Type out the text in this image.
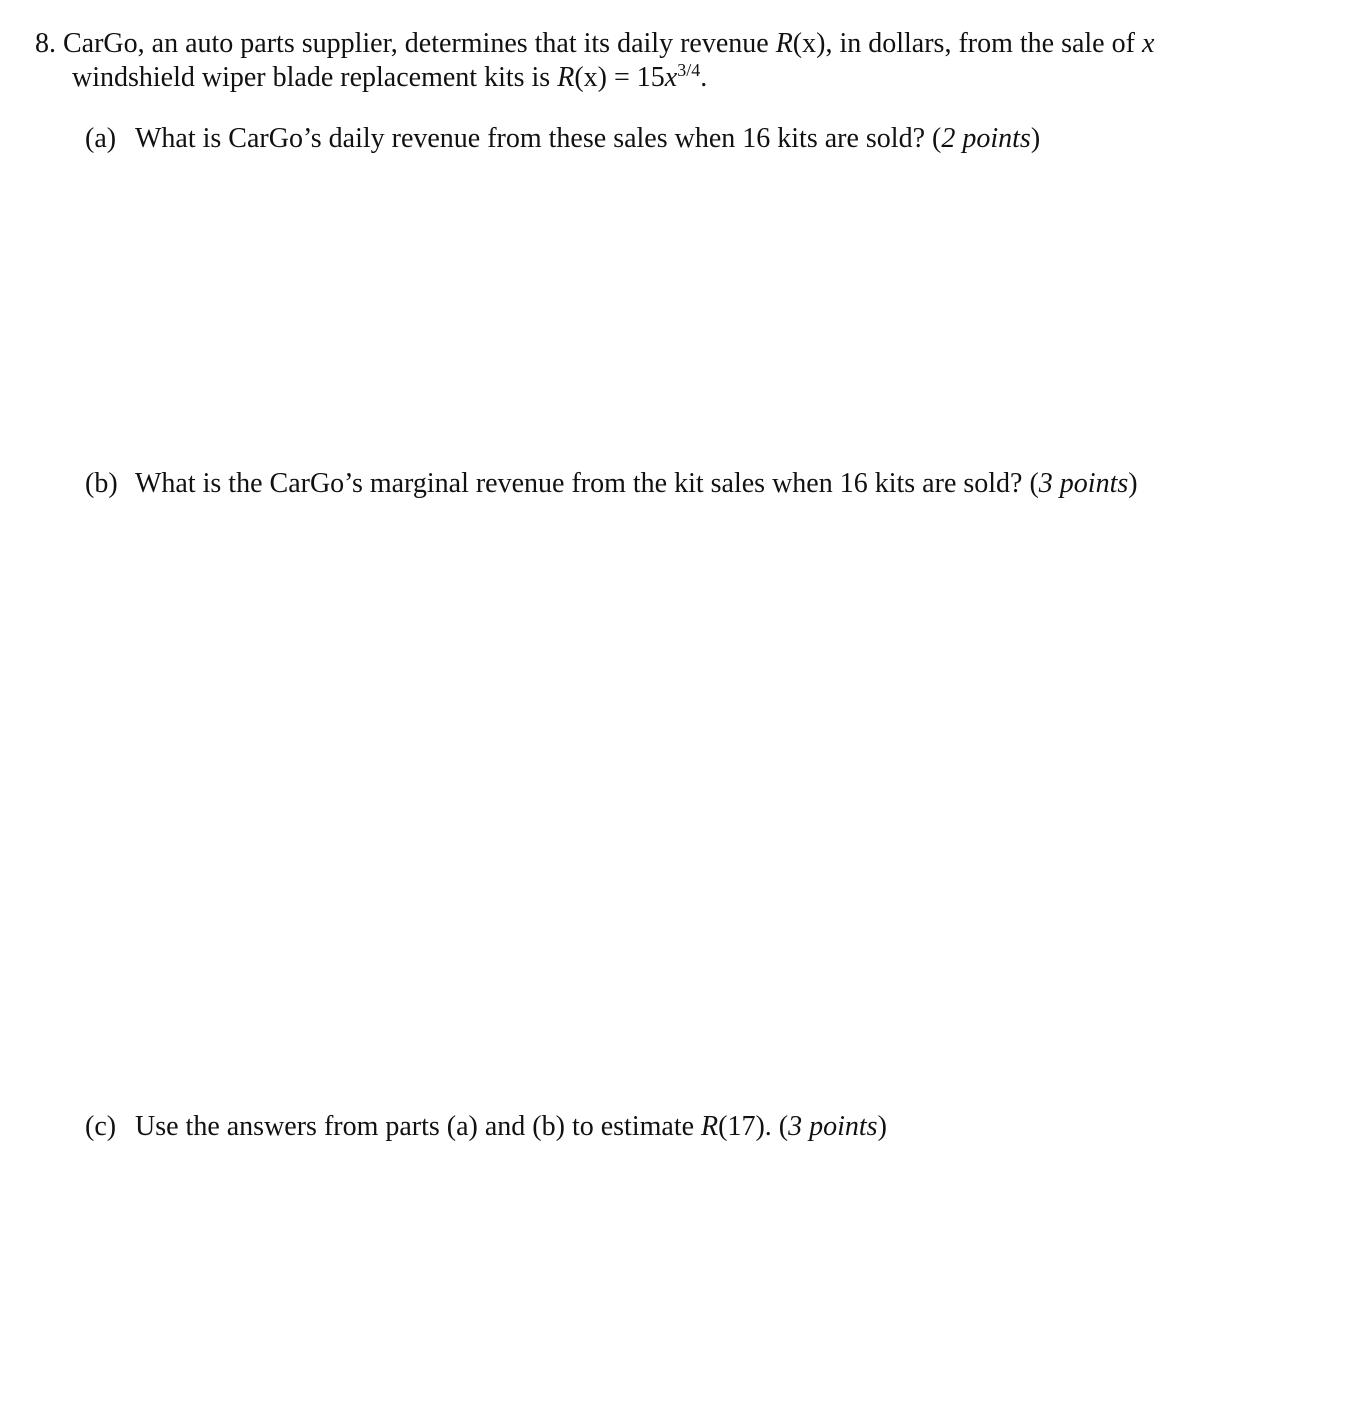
8. CarGo, an auto parts supplier, determines that its daily revenue R(x), in dollars, from the sale of x
windshield wiper blade replacement kits is $R(x) = 15x^{3/4}$.
(a) What is CarGo’s daily revenue from these sales when 16 kits are sold? (2 points)
(b) What is the CarGo’s marginal revenue from the kit sales when 16 kits are sold? (3 points)
(c) Use the answers from parts (a) and (b) to estimate R(17). (3 points)
